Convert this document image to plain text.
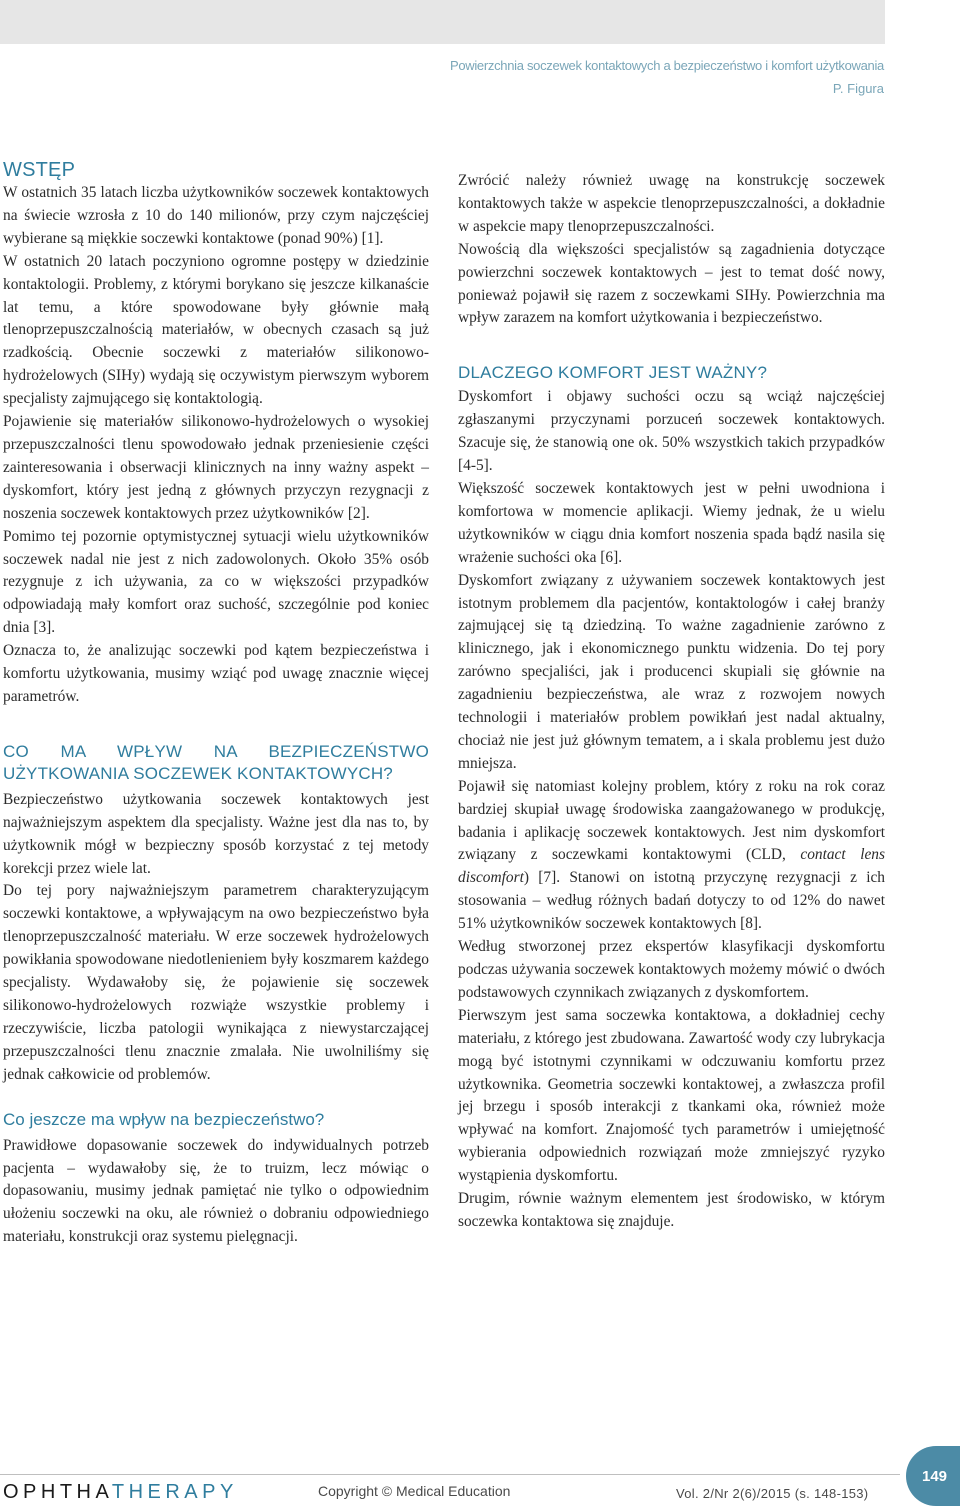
Powierzchnia soczewek kontaktowych a bezpieczeństwo i komfort użytkowania
P. Figura
WSTĘP

W ostatnich 35 latach liczba użytkowników soczewek kontaktowych na świecie wzrosła z 10 do 140 milionów, przy czym najczęściej wybierane są miękkie soczewki kontaktowe (ponad 90%) [1].

W ostatnich 20 latach poczyniono ogromne postępy w dziedzinie kontaktologii. Problemy, z którymi borykano się jeszcze kilkanaście lat temu, a które spowodowane były głównie małą tlenoprzepuszczalnością materiałów, w obecnych czasach są już rzadkością. Obecnie soczewki z materiałów silikonowo-hydrożelowych (SIHy) wydają się oczywistym pierwszym wyborem specjalisty zajmującego się kontaktologią.

Pojawienie się materiałów silikonowo-hydrożelowych o wysokiej przepuszczalności tlenu spowodowało jednak przeniesienie części zainteresowania i obserwacji klinicznych na inny ważny aspekt – dyskomfort, który jest jedną z głównych przyczyn rezygnacji z noszenia soczewek kontaktowych przez użytkowników [2].

Pomimo tej pozornie optymistycznej sytuacji wielu użytkowników soczewek nadal nie jest z nich zadowolonych. Około 35% osób rezygnuje z ich używania, za co w większości przypadków odpowiadają mały komfort oraz suchość, szczególnie pod koniec dnia [3].

Oznacza to, że analizując soczewki pod kątem bezpieczeństwa i komfortu użytkowania, musimy wziąć pod uwagę znacznie więcej parametrów.

CO MA WPŁYW NA BEZPIECZEŃSTWO UŻYTKOWANIA SOCZEWEK KONTAKTOWYCH?

Bezpieczeństwo użytkowania soczewek kontaktowych jest najważniejszym aspektem dla specjalisty. Ważne jest dla nas to, by użytkownik mógł w bezpieczny sposób korzystać z tej metody korekcji przez wiele lat.

Do tej pory najważniejszym parametrem charakteryzującym soczewki kontaktowe, a wpływającym na owo bezpieczeństwo była tlenoprzepuszczalność materiału. W erze soczewek hydrożelowych powikłania spowodowane niedotlenieniem były koszmarem każdego specjalisty. Wydawałoby się, że pojawienie się soczewek silikonowo-hydrożelowych rozwiąże wszystkie problemy i rzeczywiście, liczba patologii wynikająca z niewystarczającej przepuszczalności tlenu znacznie zmalała. Nie uwolniliśmy się jednak całkowicie od problemów.

Co jeszcze ma wpływ na bezpieczeństwo?

Prawidłowe dopasowanie soczewek do indywidualnych potrzeb pacjenta – wydawałoby się, że to truizm, lecz mówiąc o dopasowaniu, musimy jednak pamiętać nie tylko o odpowiednim ułożeniu soczewki na oku, ale również o dobraniu odpowiedniego materiału, konstrukcji oraz systemu pielęgnacji.

Zwrócić należy również uwagę na konstrukcję soczewek kontaktowych także w aspekcie tlenoprzepuszczalności, a dokładnie w aspekcie mapy tlenoprzepuszczalności.

Nowością dla większości specjalistów są zagadnienia dotyczące powierzchni soczewek kontaktowych – jest to temat dość nowy, ponieważ pojawił się razem z soczewkami SIHy. Powierzchnia ma wpływ zarazem na komfort użytkowania i bezpieczeństwo.

DLACZEGO KOMFORT JEST WAŻNY?

Dyskomfort i objawy suchości oczu są wciąż najczęściej zgłaszanymi przyczynami porzuceń soczewek kontaktowych. Szacuje się, że stanowią one ok. 50% wszystkich takich przypadków [4-5].

Większość soczewek kontaktowych jest w pełni uwodniona i komfortowa w momencie aplikacji. Wiemy jednak, że u wielu użytkowników w ciągu dnia komfort noszenia spada bądź nasila się wrażenie suchości oka [6].

Dyskomfort związany z używaniem soczewek kontaktowych jest istotnym problemem dla pacjentów, kontaktologów i całej branży zajmującej się tą dziedziną. To ważne zagadnienie zarówno z klinicznego, jak i ekonomicznego punktu widzenia. Do tej pory zarówno specjaliści, jak i producenci skupiali się głównie na zagadnieniu bezpieczeństwa, ale wraz z rozwojem nowych technologii i materiałów problem powikłań jest nadal aktualny, chociaż nie jest już głównym tematem, a i skala problemu jest dużo mniejsza.

Pojawił się natomiast kolejny problem, który z roku na rok coraz bardziej skupiał uwagę środowiska zaangażowanego w produkcję, badania i aplikację soczewek kontaktowych. Jest nim dyskomfort związany z soczewkami kontaktowymi (CLD, contact lens discomfort) [7]. Stanowi on istotną przyczynę rezygnacji z ich stosowania – według różnych badań dotyczy to od 12% do nawet 51% użytkowników soczewek kontaktowych [8].

Według stworzonej przez ekspertów klasyfikacji dyskomfortu podczas używania soczewek kontaktowych możemy mówić o dwóch podstawowych czynnikach związanych z dyskomfortem.

Pierwszym jest sama soczewka kontaktowa, a dokładniej cechy materiału, z którego jest zbudowana. Zawartość wody czy lubrykacja mogą być istotnymi czynnikami w odczuwaniu komfortu przez użytkownika. Geometria soczewki kontaktowej, a zwłaszcza profil jej brzegu i sposób interakcji z tkankami oka, również może wpływać na komfort. Znajomość tych parametrów i umiejętność wybierania odpowiednich rozwiązań może zmniejszyć ryzyko wystąpienia dyskomfortu.

Drugim, równie ważnym elementem jest środowisko, w którym soczewka kontaktowa się znajduje.

OPHTHATHERAPY	Copyright © Medical Education	Vol. 2/Nr 2(6)/2015 (s. 148-153)
149
